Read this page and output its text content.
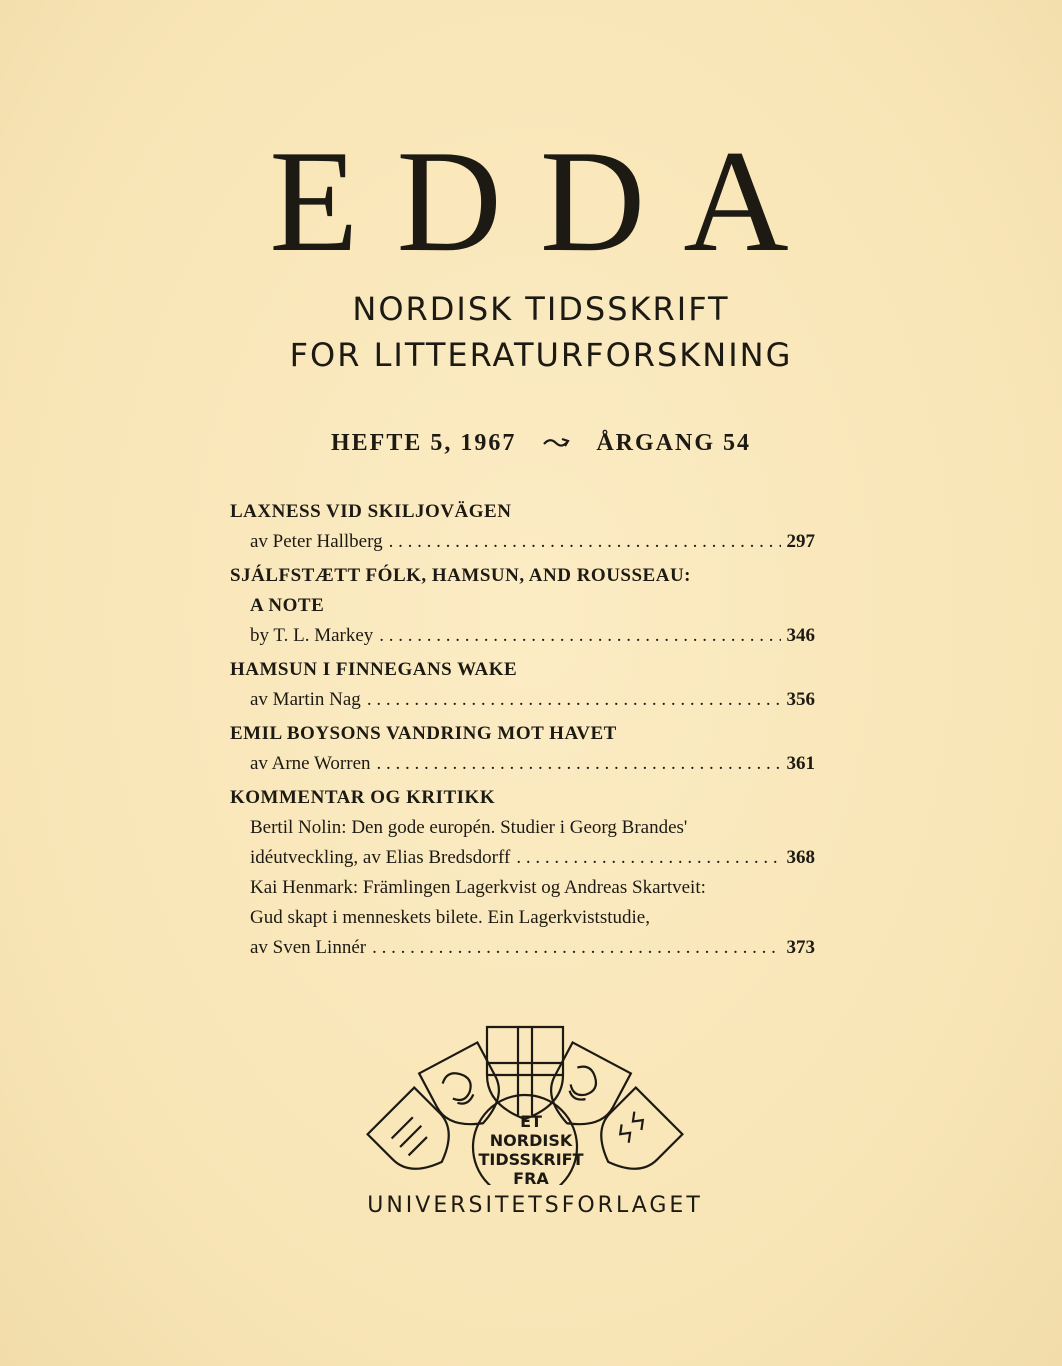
EDDA
NORDISK TIDSSKRIFT
FOR LITTERATURFORSKNING
HEFTE 5, 1967	ÅRGANG 54
LAXNESS VID SKILJOVÄGEN
av Peter Hallberg . . .	297
SJÁLFSTÆTT FÓLK, HAMSUN, AND ROUSSEAU:
A NOTE
by T. L. Markey . . .	346
HAMSUN I FINNEGANS WAKE
av Martin Nag . . .	356
EMIL BOYSONS VANDRING MOT HAVET
av Arne Worren . . .	361
KOMMENTAR OG KRITIKK
Bertil Nolin: Den gode europén. Studier i Georg Brandes'
idéutveckling, av Elias Bredsdorff . . .	368
Kai Henmark: Främlingen Lagerkvist og Andreas Skartveit:
Gud skapt i menneskets bilete. Ein Lagerkviststudie,
av Sven Linnér . . .	373
ET
NORDISK
TIDSSKRIFT
FRA
UNIVERSITETSFORLAGET
